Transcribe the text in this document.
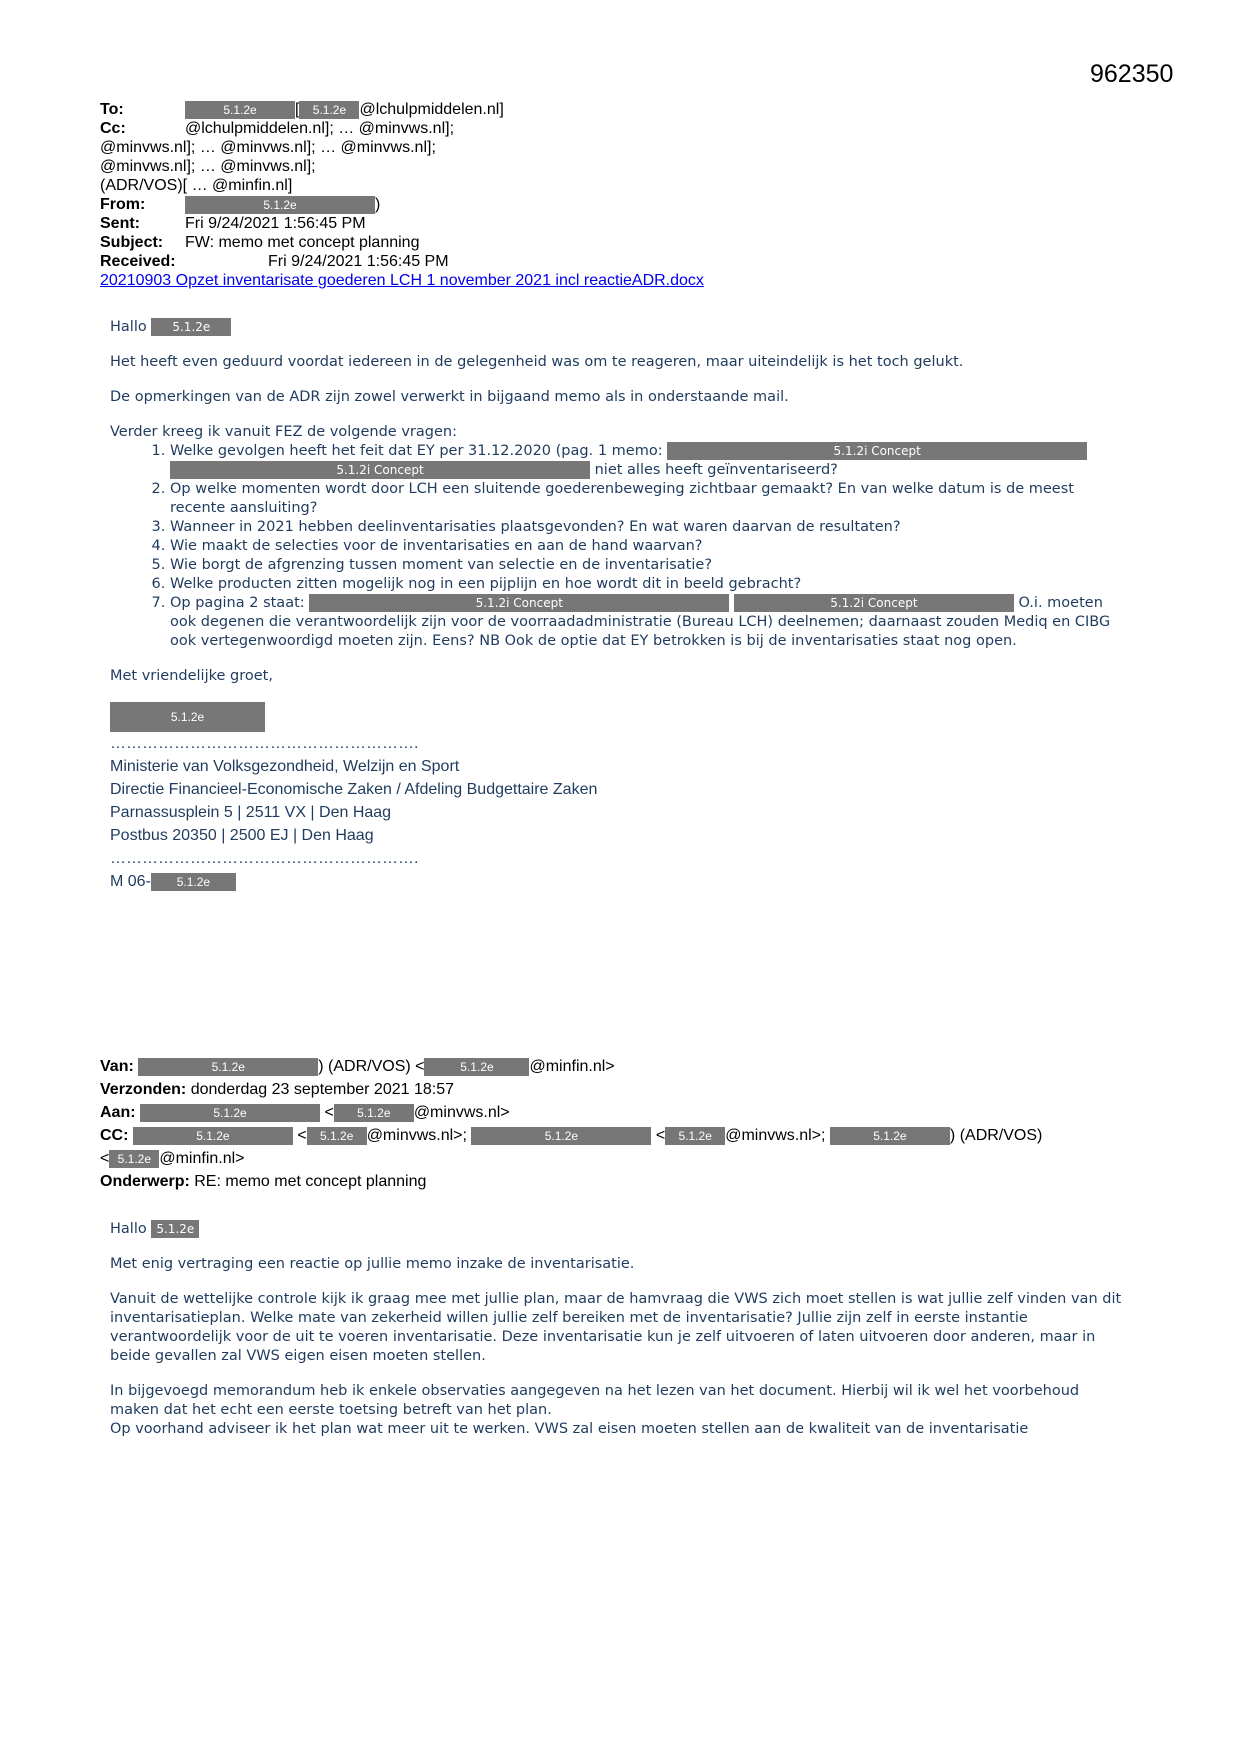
962350
To:	5.1.2e [ 5.1.2e @lchulpmiddelen.nl]
Cc:	@lchulpmiddelen.nl]; … @minvws.nl];
@minvws.nl]; … @minvws.nl]; … @minvws.nl];
@minvws.nl]; … @minvws.nl];
(ADR/VOS)[ … @minfin.nl]
From:	5.1.2e	)
Sent:	Fri 9/24/2021 1:56:45 PM
Subject: FW: memo met concept planning
Received:	Fri 9/24/2021 1:56:45 PM
20210903 Opzet inventarisate goederen LCH 1 november 2021 incl reactieADR.docx

Hallo 5.1.2e

Het heeft even geduurd voordat iedereen in de gelegenheid was om te reageren, maar uiteindelijk is het toch gelukt.

De opmerkingen van de ADR zijn zowel verwerkt in bijgaand memo als in onderstaande mail.

Verder kreeg ik vanuit FEZ de volgende vragen:

1. Welke gevolgen heeft het feit dat EY per 31.12.2020 (pag. 1 memo:	5.1.2i Concept 5.1.2i Concept	niet alles heeft geïnventariseerd?
2. Op welke momenten wordt door LCH een sluitende goederenbeweging zichtbaar gemaakt? En van welke datum is de meest recente aansluiting?
3. Wanneer in 2021 hebben deelinventarisaties plaatsgevonden? En wat waren daarvan de resultaten?
4. Wie maakt de selecties voor de inventarisaties en aan de hand waarvan?
5. Wie borgt de afgrenzing tussen moment van selectie en de inventarisatie?
6. Welke producten zitten mogelijk nog in een pijplijn en hoe wordt dit in beeld gebracht?
7. Op pagina 2 staat:	5.1.2i Concept	5.1.2i Concept	O.i. moeten ook degenen die verantwoordelijk zijn voor de voorraadadministratie (Bureau LCH) deelnemen; daarnaast zouden Mediq en CIBG ook vertegenwoordigd moeten zijn. Eens? NB Ook de optie dat EY betrokken is bij de inventarisaties staat nog open.

Met vriendelijke groet,

5.1.2e
………………………………………………….
Ministerie van Volksgezondheid, Welzijn en Sport
Directie Financieel-Economische Zaken / Afdeling Budgettaire Zaken
Parnassusplein 5 | 2511 VX | Den Haag
Postbus 20350 | 2500 EJ | Den Haag
………………………………………………….
M 06- 5.1.2e
Van:	5.1.2e	) (ADR/VOS) <	5.1.2e @minfin.nl>
Verzonden: donderdag 23 september 2021 18:57
Aan:	5.1.2e	< 5.1.2e @minvws.nl>
CC:	5.1.2e	< 5.1.2e @minvws.nl>;	5.1.2e	< 5.1.2e @minvws.nl>;	5.1.2e	) (ADR/VOS)
< 5.1.2e @minfin.nl>
Onderwerp: RE: memo met concept planning

Hallo 5.1.2e

Met enig vertraging een reactie op jullie memo inzake de inventarisatie.

Vanuit de wettelijke controle kijk ik graag mee met jullie plan, maar de hamvraag die VWS zich moet stellen is wat jullie zelf vinden van dit inventarisatieplan. Welke mate van zekerheid willen jullie zelf bereiken met de inventarisatie? Jullie zijn zelf in eerste instantie verantwoordelijk voor de uit te voeren inventarisatie. Deze inventarisatie kun je zelf uitvoeren of laten uitvoeren door anderen, maar in beide gevallen zal VWS eigen eisen moeten stellen.

In bijgevoegd memorandum heb ik enkele observaties aangegeven na het lezen van het document. Hierbij wil ik wel het voorbehoud maken dat het echt een eerste toetsing betreft van het plan.

Op voorhand adviseer ik het plan wat meer uit te werken. VWS zal eisen moeten stellen aan de kwaliteit van de inventarisatie
